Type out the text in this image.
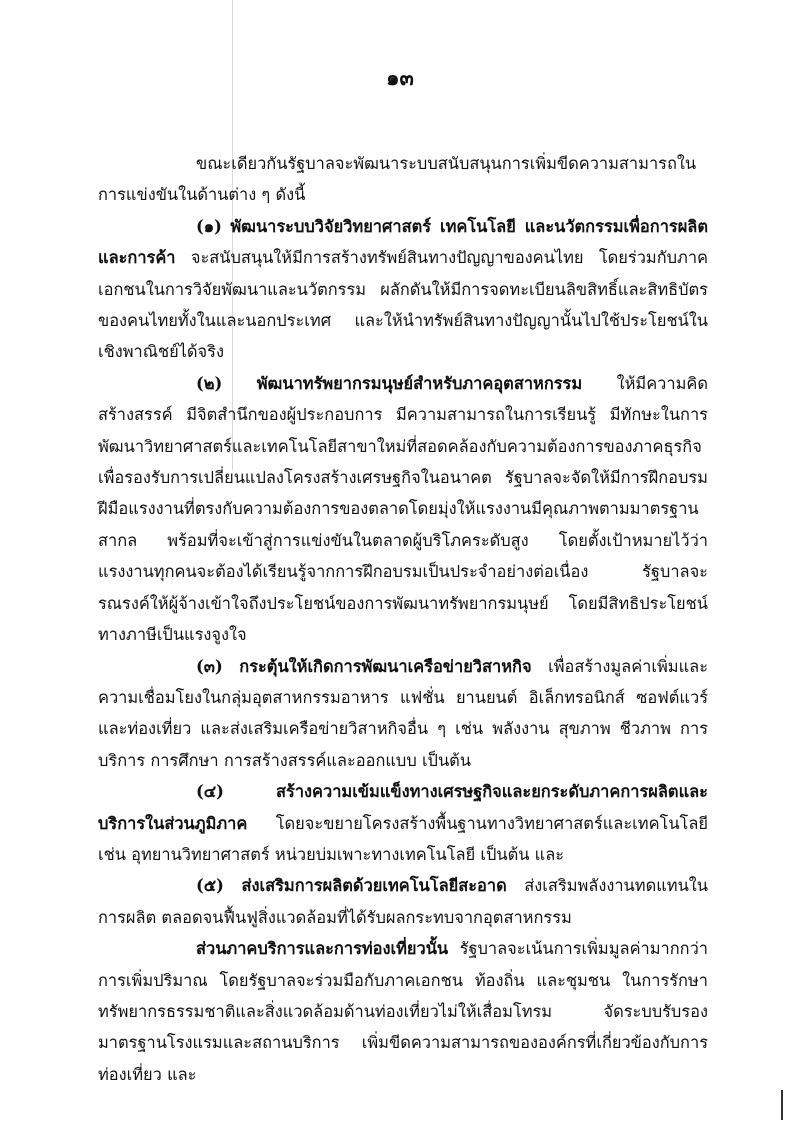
๑๓

ขณะเดียวกันรัฐบาลจะพัฒนาระบบสนับสนุนการเพิ่มขีดความสามารถในการแข่งขันในด้านต่าง ๆ ดังนี้

(๑) พัฒนาระบบวิจัยวิทยาศาสตร์ เทคโนโลยี และนวัตกรรมเพื่อการผลิตและการค้า จะสนับสนุนให้มีการสร้างทรัพย์สินทางปัญญาของคนไทย โดยร่วมกับภาคเอกชนในการวิจัยพัฒนาและนวัตกรรม ผลักดันให้มีการจดทะเบียนลิขสิทธิ์และสิทธิบัตรของคนไทยทั้งในและนอกประเทศ และให้นำทรัพย์สินทางปัญญานั้นไปใช้ประโยชน์ในเชิงพาณิชย์ได้จริง

(๒) พัฒนาทรัพยากรมนุษย์สำหรับภาคอุตสาหกรรม ให้มีความคิดสร้างสรรค์ มีจิตสำนึกของผู้ประกอบการ มีความสามารถในการเรียนรู้ มีทักษะในการพัฒนาวิทยาศาสตร์และเทคโนโลยีสาขาใหม่ที่สอดคล้องกับความต้องการของภาคธุรกิจ เพื่อรองรับการเปลี่ยนแปลงโครงสร้างเศรษฐกิจในอนาคต รัฐบาลจะจัดให้มีการฝึกอบรมฝีมือแรงงานที่ตรงกับความต้องการของตลาดโดยมุ่งให้แรงงานมีคุณภาพตามมาตรฐานสากล พร้อมที่จะเข้าสู่การแข่งขันในตลาดผู้บริโภคระดับสูง โดยตั้งเป้าหมายไว้ว่าแรงงานทุกคนจะต้องได้เรียนรู้จากการฝึกอบรมเป็นประจำอย่างต่อเนื่อง รัฐบาลจะรณรงค์ให้ผู้จ้างเข้าใจถึงประโยชน์ของการพัฒนาทรัพยากรมนุษย์ โดยมีสิทธิประโยชน์ทางภาษีเป็นแรงจูงใจ

(๓) กระตุ้นให้เกิดการพัฒนาเครือข่ายวิสาหกิจ เพื่อสร้างมูลค่าเพิ่มและความเชื่อมโยงในกลุ่มอุตสาหกรรมอาหาร แฟชั่น ยานยนต์ อิเล็กทรอนิกส์ ซอฟต์แวร์ และท่องเที่ยว และส่งเสริมเครือข่ายวิสาหกิจอื่น ๆ เช่น พลังงาน สุขภาพ ชีวภาพ การบริการ การศึกษา การสร้างสรรค์และออกแบบ เป็นต้น

(๔)	สร้างความเข้มแข็งทางเศรษฐกิจและยกระดับภาคการผลิตและบริการในส่วนภูมิภาค โดยจะขยายโครงสร้างพื้นฐานทางวิทยาศาสตร์และเทคโนโลยี เช่น อุทยานวิทยาศาสตร์ หน่วยบ่มเพาะทางเทคโนโลยี เป็นต้น และ

(๕) ส่งเสริมการผลิตด้วยเทคโนโลยีสะอาด ส่งเสริมพลังงานทดแทนในการผลิต ตลอดจนฟื้นฟูสิ่งแวดล้อมที่ได้รับผลกระทบจากอุตสาหกรรม

ส่วนภาคบริการและการท่องเที่ยวนั้น รัฐบาลจะเน้นการเพิ่มมูลค่ามากกว่าการเพิ่มปริมาณ โดยรัฐบาลจะร่วมมือกับภาคเอกชน ท้องถิ่น และชุมชน ในการรักษาทรัพยากรธรรมชาติและสิ่งแวดล้อมด้านท่องเที่ยวไม่ให้เสื่อมโทรม จัดระบบรับรองมาตรฐานโรงแรมและสถานบริการ เพิ่มขีดความสามารถขององค์กรที่เกี่ยวข้องกับการท่องเที่ยว และ
